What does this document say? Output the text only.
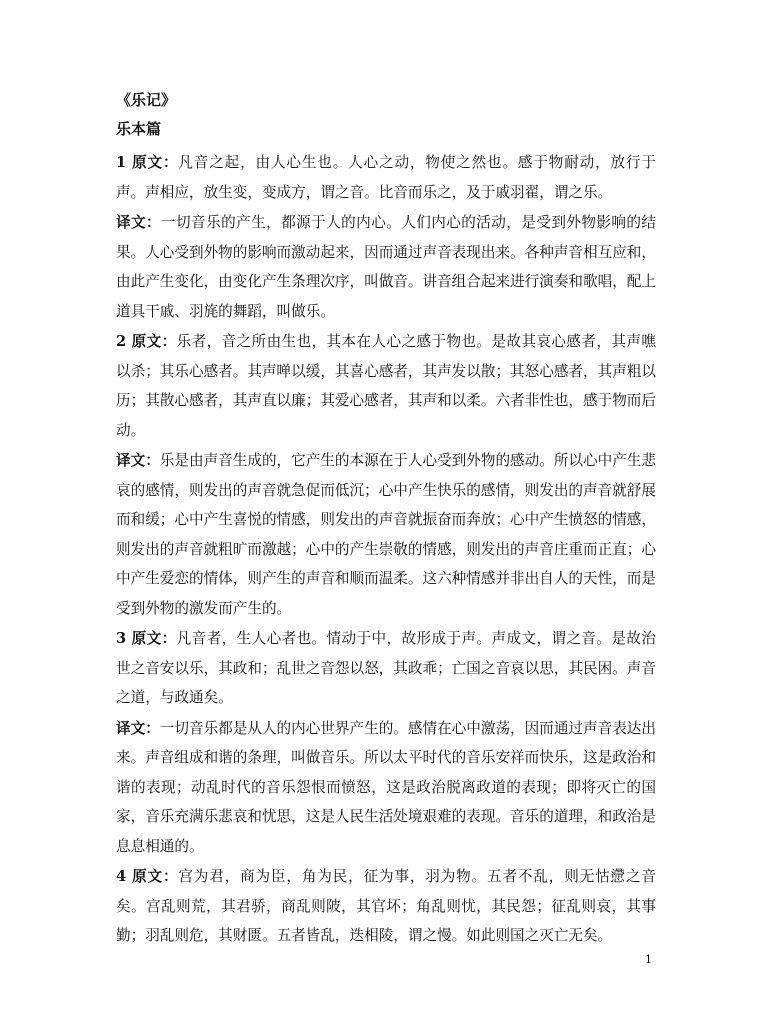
《乐记》
乐本篇

1 原文：凡音之起，由人心生也。人心之动，物使之然也。感于物耐动，放行于声。声相应，放生变，变成方，谓之音。比音而乐之，及于戚羽翟，谓之乐。

译文：一切音乐的产生，都源于人的内心。人们内心的活动，是受到外物影响的结果。人心受到外物的影响而激动起来，因而通过声音表现出来。各种声音相互应和，由此产生变化，由变化产生条理次序，叫做音。讲音组合起来进行演奏和歌唱，配上道具干戚、羽旄的舞蹈，叫做乐。

2 原文：乐者，音之所由生也，其本在人心之感于物也。是故其哀心感者，其声噍以杀；其乐心感者。其声啴以缓，其喜心感者，其声发以散；其怒心感者，其声粗以历；其散心感者，其声直以廉；其爱心感者，其声和以柔。六者非性也，感于物而后动。

译文：乐是由声音生成的，它产生的本源在于人心受到外物的感动。所以心中产生悲哀的感情，则发出的声音就急促而低沉；心中产生快乐的感情，则发出的声音就舒展而和缓；心中产生喜悦的情感，则发出的声音就振奋而奔放；心中产生愤怒的情感，则发出的声音就粗旷而激越；心中的产生崇敬的情感，则发出的声音庄重而正直；心中产生爱恋的情体，则产生的声音和顺而温柔。这六种情感并非出自人的天性，而是受到外物的激发而产生的。

3 原文：凡音者，生人心者也。情动于中，故形成于声。声成文，谓之音。是故治世之音安以乐，其政和；乱世之音怨以怒，其政乖；亡国之音哀以思，其民困。声音之道，与政通矣。

译文：一切音乐都是从人的内心世界产生的。感情在心中激荡，因而通过声音表达出来。声音组成和谐的条理，叫做音乐。所以太平时代的音乐安祥而快乐，这是政治和谐的表现；动乱时代的音乐怨恨而愤怒，这是政治脱离政道的表现；即将灭亡的国家，音乐充满乐悲哀和忧思，这是人民生活处境艰难的表现。音乐的道理，和政治是息息相通的。

4 原文：宫为君，商为臣，角为民，征为事，羽为物。五者不乱，则无怙懘之音矣。宫乱则荒，其君骄，商乱则陂，其官坏；角乱则忧，其民怨；征乱则哀，其事勤；羽乱则危，其财匮。五者皆乱，迭相陵，谓之慢。如此则国之灭亡无矣。

1
